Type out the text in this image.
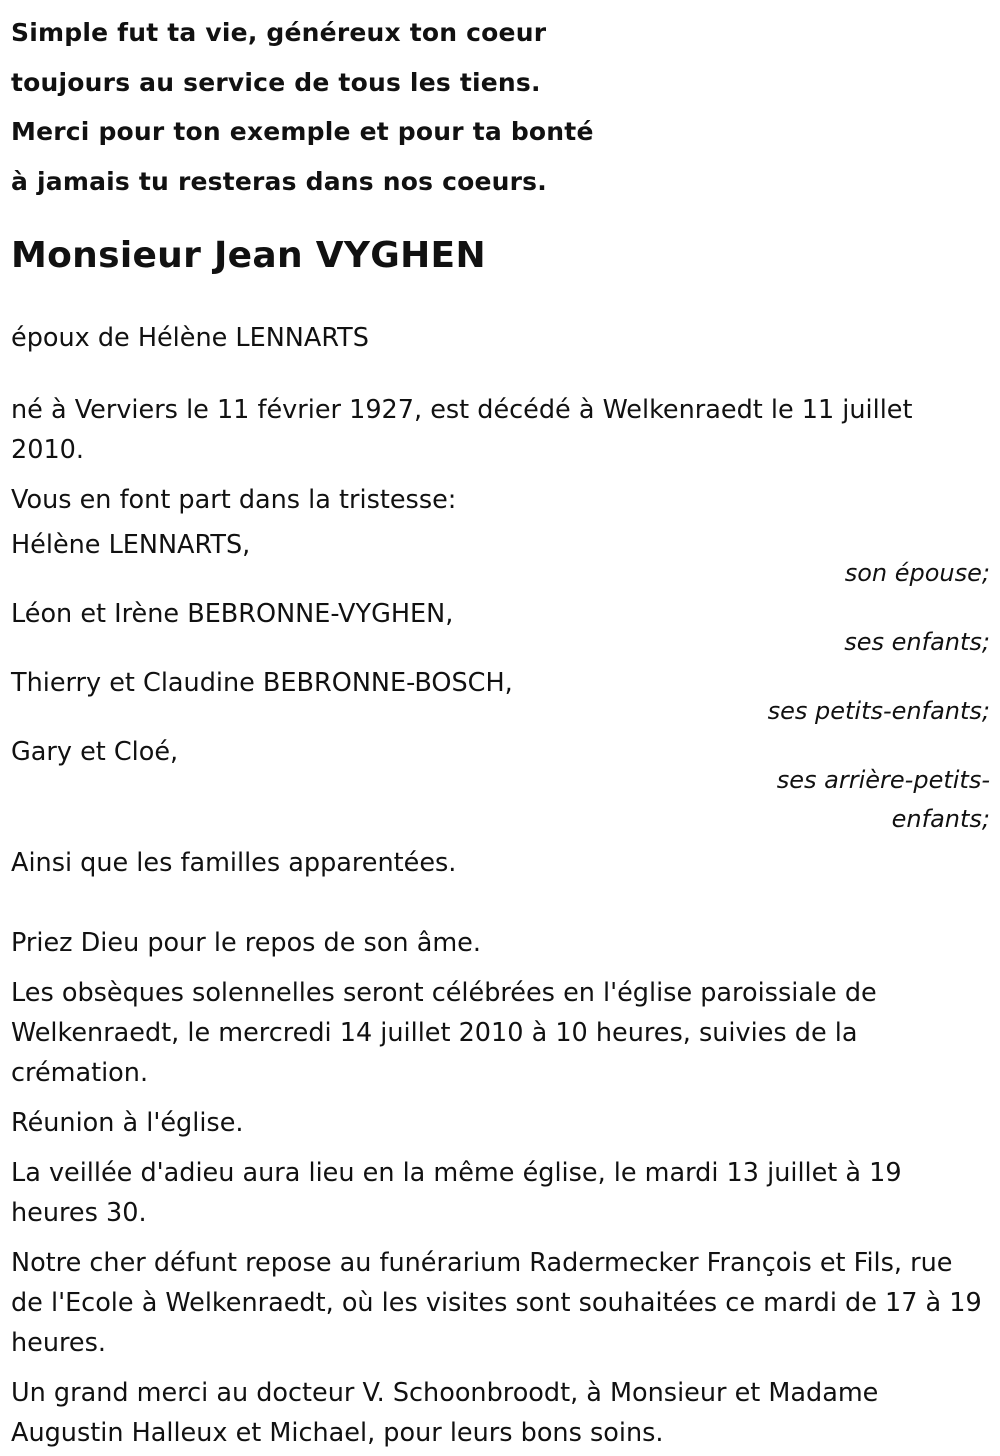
Simple fut ta vie, généreux ton coeur
toujours au service de tous les tiens.
Merci pour ton exemple et pour ta bonté
à jamais tu resteras dans nos coeurs.
Monsieur Jean VYGHEN

époux de Hélène LENNARTS

né à Verviers le 11 février 1927, est décédé à Welkenraedt le 11 juillet 2010.

Vous en font part dans la tristesse:

Hélène LENNARTS,
son épouse;
Léon et Irène BEBRONNE-VYGHEN,
ses enfants;
Thierry et Claudine BEBRONNE-BOSCH,
ses petits-enfants;
Gary et Cloé,
ses arrière-petits-enfants;

Ainsi que les familles apparentées.

Priez Dieu pour le repos de son âme.

Les obsèques solennelles seront célébrées en l'église paroissiale de Welkenraedt, le mercredi 14 juillet 2010 à 10 heures, suivies de la crémation.

Réunion à l'église.

La veillée d'adieu aura lieu en la même église, le mardi 13 juillet à 19 heures 30.

Notre cher défunt repose au funérarium Radermecker François et Fils, rue de l'Ecole à Welkenraedt, où les visites sont souhaitées ce mardi de 17 à 19 heures.

Un grand merci au docteur V. Schoonbroodt, à Monsieur et Madame Augustin Halleux et Michael, pour leurs bons soins.
